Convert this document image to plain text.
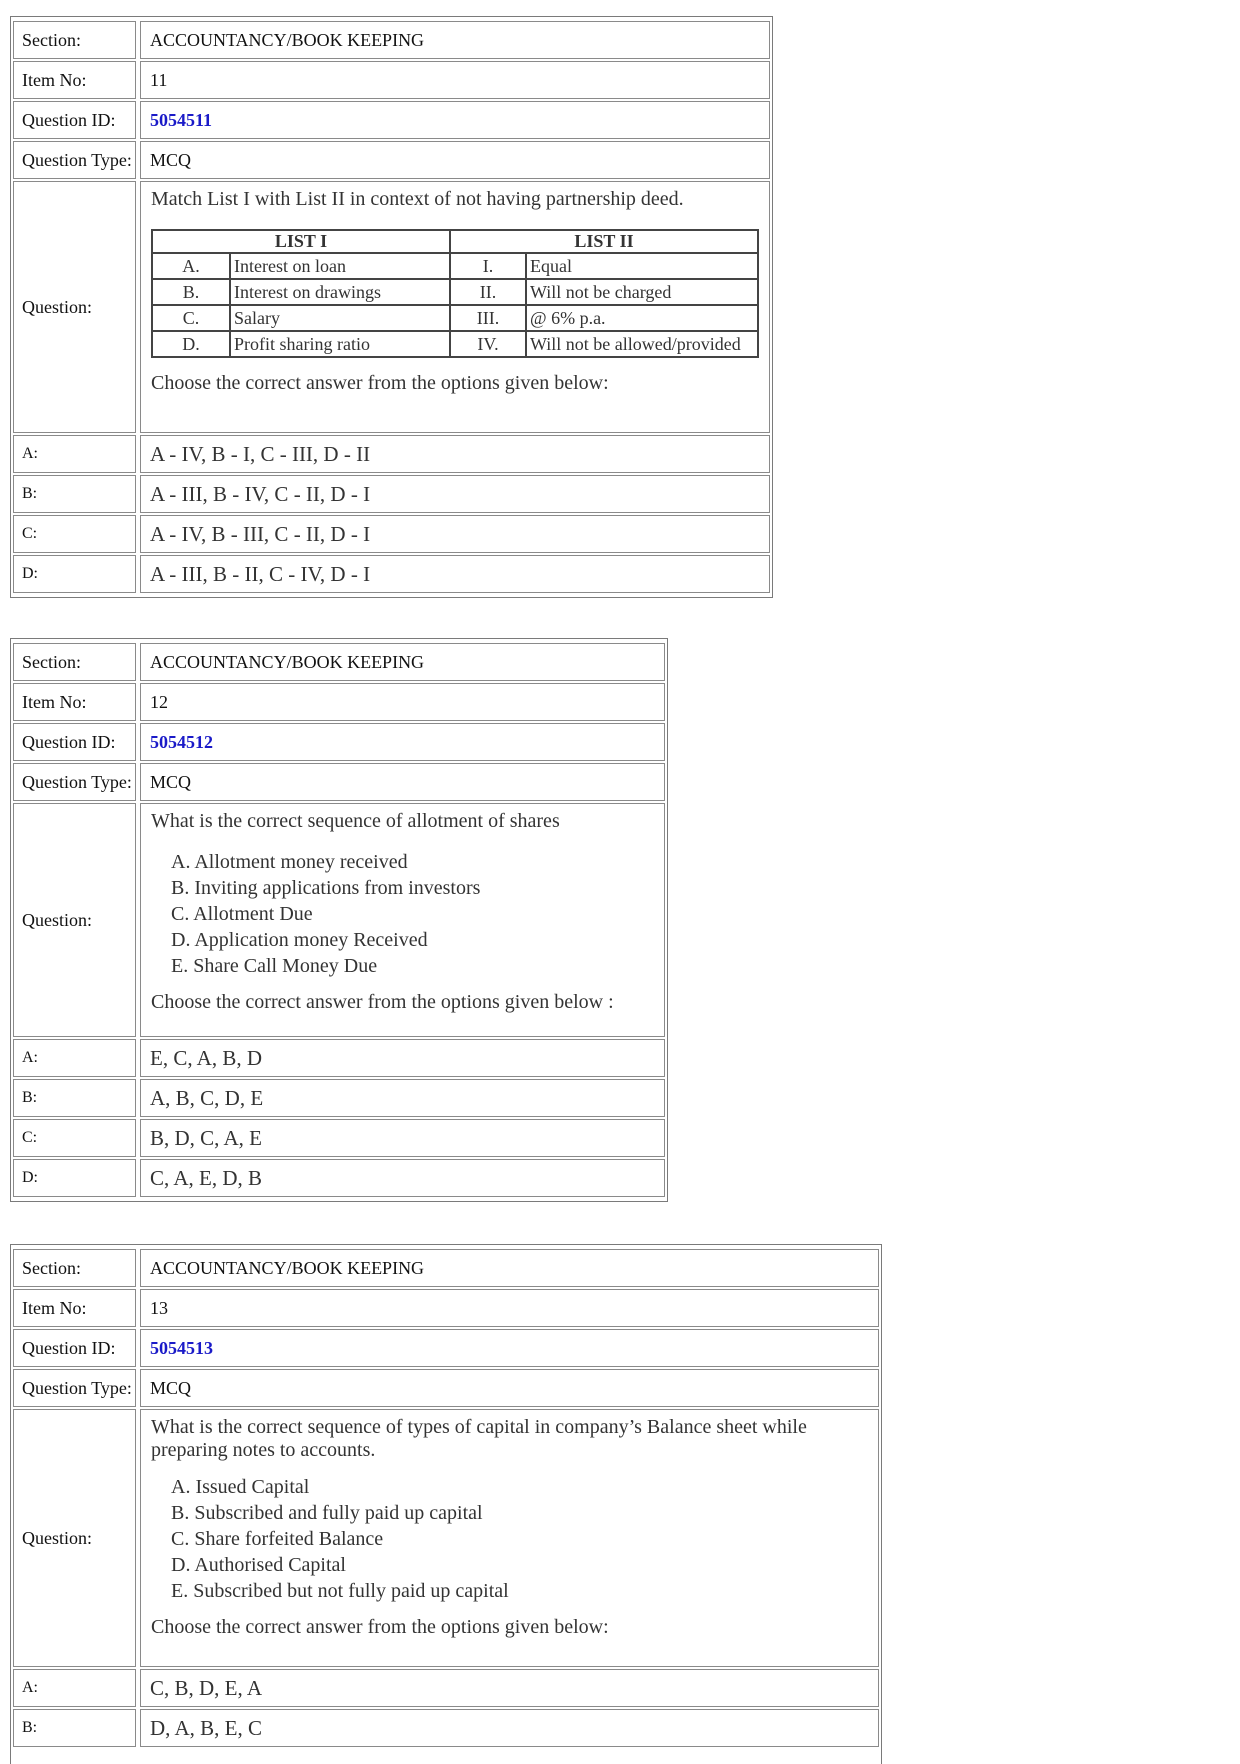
Section:	ACCOUNTANCY/BOOK KEEPING
Item No:	11
Question ID:	5054511
Question Type:	MCQ
Question:

Match List I with List II in context of not having partnership deed.

LIST I		LIST II	
A.	Interest on loan	I.	Equal
B.	Interest on drawings	II.	Will not be charged
C.	Salary	III.	@ 6% p.a.
D.	Profit sharing ratio	IV.	Will not be allowed/provided

Choose the correct answer from the options given below:

A:	A - IV, B - I, C - III, D - II
B:	A - III, B - IV, C - II, D - I
C:	A - IV, B - III, C - II, D - I
D:	A - III, B - II, C - IV, D - I
Section:	ACCOUNTANCY/BOOK KEEPING
Item No:	12
Question ID:	5054512
Question Type:	MCQ
Question:

What is the correct sequence of allotment of shares

A. Allotment money received
B. Inviting applications from investors
C. Allotment Due
D. Application money Received
E. Share Call Money Due

Choose the correct answer from the options given below :

A:	E, C, A, B, D
B:	A, B, C, D, E
C:	B, D, C, A, E
D:	C, A, E, D, B
Section:	ACCOUNTANCY/BOOK KEEPING
Item No:	13
Question ID:	5054513
Question Type:	MCQ
Question:

What is the correct sequence of types of capital in company’s Balance sheet while preparing notes to accounts.

A. Issued Capital
B. Subscribed and fully paid up capital
C. Share forfeited Balance
D. Authorised Capital
E. Subscribed but not fully paid up capital

Choose the correct answer from the options given below:

A:	C, B, D, E, A
B:	D, A, B, E, C
